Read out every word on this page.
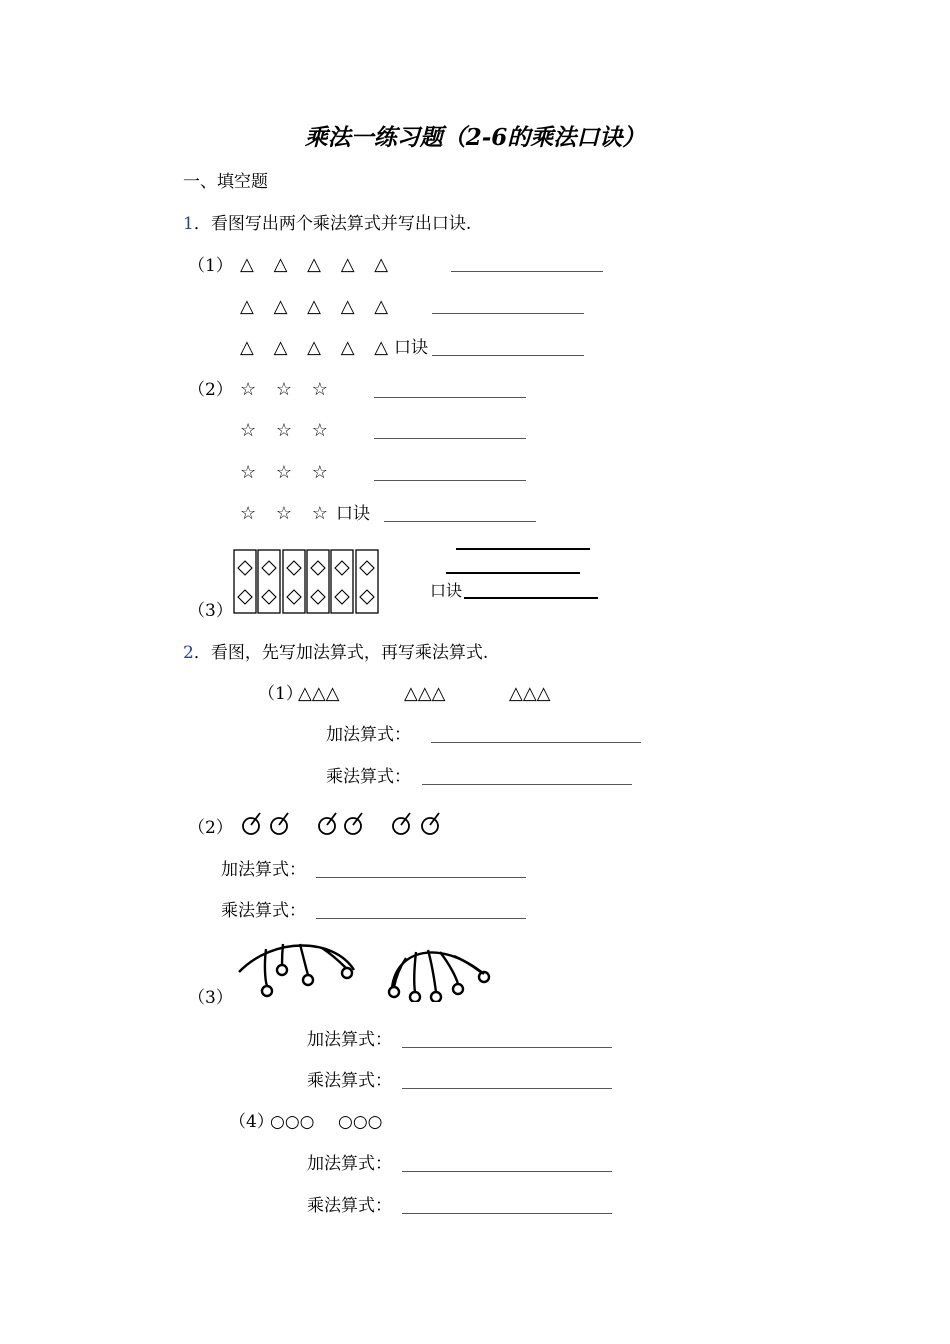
乘法一练习题（2-6的乘法口诀）
一、填空题
1．看图写出两个乘法算式并写出口诀.
（1） △ △ △ △ △
△ △ △ △ △
△ △ △ △ △
口诀
（2） ☆ ☆ ☆
☆ ☆ ☆
☆ ☆ ☆
☆ ☆ ☆ 口诀
（3）
口诀
2．看图，先写加法算式，再写乘法算式.
（1）
△△△	△△△	△△△
加法算式：
乘法算式：
（2）
加法算式：
乘法算式：
（3）
加法算式：
乘法算式：
（4）
○○○ ○○○
加法算式：
乘法算式：
